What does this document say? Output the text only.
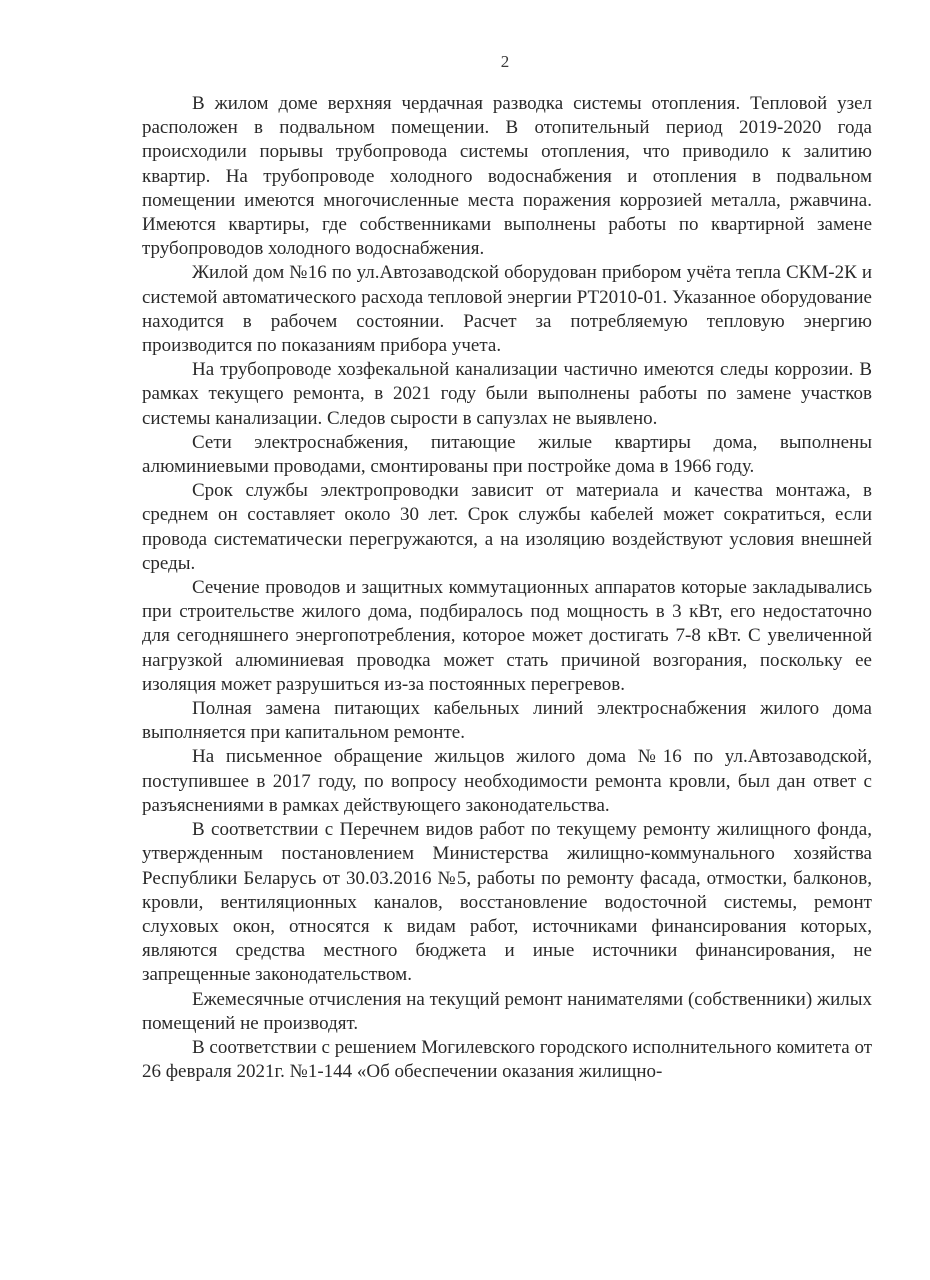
2

В жилом доме верхняя чердачная разводка системы отопления. Тепловой узел расположен в подвальном помещении. В отопительный период 2019-2020 года происходили порывы трубопровода системы отопления, что приводило к залитию квартир. На трубопроводе холодного водоснабжения и отопления в подвальном помещении имеются многочисленные места поражения коррозией металла, ржавчина. Имеются квартиры, где собственниками выполнены работы по квартирной замене трубопроводов холодного водоснабжения.

Жилой дом №16 по ул.Автозаводской оборудован прибором учёта тепла СКМ-2К и системой автоматического расхода тепловой энергии РТ2010-01. Указанное оборудование находится в рабочем состоянии. Расчет за потребляемую тепловую энергию производится по показаниям прибора учета.

На трубопроводе хозфекальной канализации частично имеются следы коррозии. В рамках текущего ремонта, в 2021 году были выполнены работы по замене участков системы канализации. Следов сырости в сапузлах не выявлено.

Сети электроснабжения, питающие жилые квартиры дома, выполнены алюминиевыми проводами, смонтированы при постройке дома в 1966 году.

Срок службы электропроводки зависит от материала и качества монтажа, в среднем он составляет около 30 лет. Срок службы кабелей может сократиться, если провода систематически перегружаются, а на изоляцию воздействуют условия внешней среды.

Сечение проводов и защитных коммутационных аппаратов которые закладывались при строительстве жилого дома, подбиралось под мощность в 3 кВт, его недостаточно для сегодняшнего энергопотребления, которое может достигать 7-8 кВт. С увеличенной нагрузкой алюминиевая проводка может стать причиной возгорания, поскольку ее изоляция может разрушиться из-за постоянных перегревов.

Полная замена питающих кабельных линий электроснабжения жилого дома выполняется при капитальном ремонте.

На письменное обращение жильцов жилого дома №16 по ул.Автозаводской, поступившее в 2017 году, по вопросу необходимости ремонта кровли, был дан ответ с разъяснениями в рамках действующего законодательства.

В соответствии с Перечнем видов работ по текущему ремонту жилищного фонда, утвержденным постановлением Министерства жилищно-коммунального хозяйства Республики Беларусь от 30.03.2016 №5, работы по ремонту фасада, отмостки, балконов, кровли, вентиляционных каналов, восстановление водосточной системы, ремонт слуховых окон, относятся к видам работ, источниками финансирования которых, являются средства местного бюджета и иные источники финансирования, не запрещенные законодательством.

Ежемесячные отчисления на текущий ремонт нанимателями (собственники) жилых помещений не производят.

В соответствии с решением Могилевского городского исполнительного комитета от 26 февраля 2021г. №1-144 «Об обеспечении оказания жилищно-
